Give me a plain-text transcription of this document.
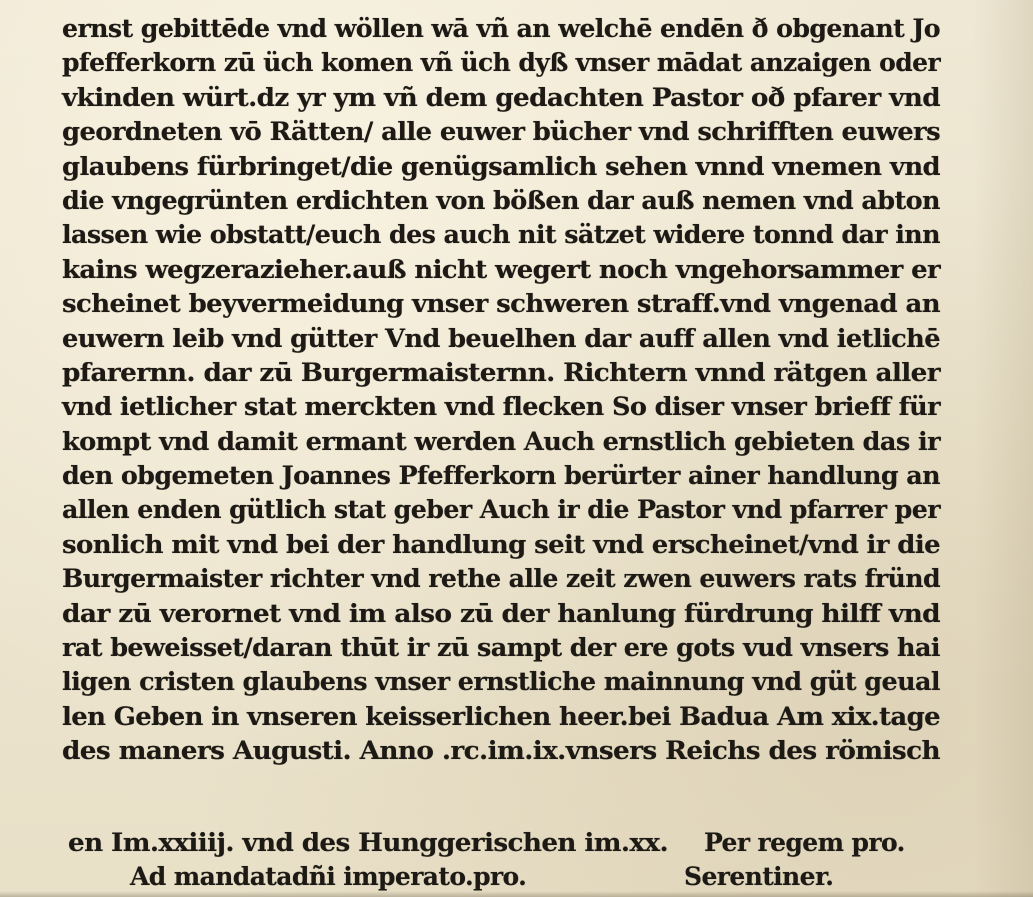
ernst gebittēde vnd wöllen wā vñ an welchē endēn ð obgenant Jo
pfefferkorn zū üch komen vñ üch dyß vnser mādat anzaigen oder
vkinden würt.dz yr ym vñ dem gedachten Pastor oð pfarer vnd
geordneten vō Rätten/ alle euwer bücher vnd schrifften euwers
glaubens fürbringet/die genügsamlich sehen vnnd vnemen vnd
die vngegrünten erdichten von bößen dar auß nemen vnd abton
lassen wie obstatt/euch des auch nit sätzet widere tonnd dar inn
kains wegzerazieher.auß nicht wegert noch vngehorsammer er
scheinet beyvermeidung vnser schweren straff.vnd vngenad an
euwern leib vnd gütter Vnd beuelhen dar auff allen vnd ietlichē
pfarernn. dar zū Burgermaisternn. Richtern vnnd rätgen aller
vnd ietlicher stat merckten vnd flecken So diser vnser brieff für
kompt vnd damit ermant werden Auch ernstlich gebieten das ir
den obgemeten Joannes Pfefferkorn berürter ainer handlung an
allen enden gütlich stat geber Auch ir die Pastor vnd pfarrer per
sonlich mit vnd bei der handlung seit vnd erscheinet/vnd ir die
Burgermaister richter vnd rethe alle zeit zwen euwers rats fründ
dar zū verornet vnd im also zū der hanlung fürdrung hilff vnd
rat beweisset/daran thūt ir zū sampt der ere gots vud vnsers hai
ligen cristen glaubens vnser ernstliche mainnung vnd güt geual
len Geben in vnseren keisserlichen heer.bei Badua Am xix.tage
des maners Augusti. Anno .rc.im.ix.vnsers Reichs des römisch
en Im.xxiiij. vnd des Hunggerischen im.xx. Per regem pro.
Ad mandatadñi imperato.pro.	Serentiner.
